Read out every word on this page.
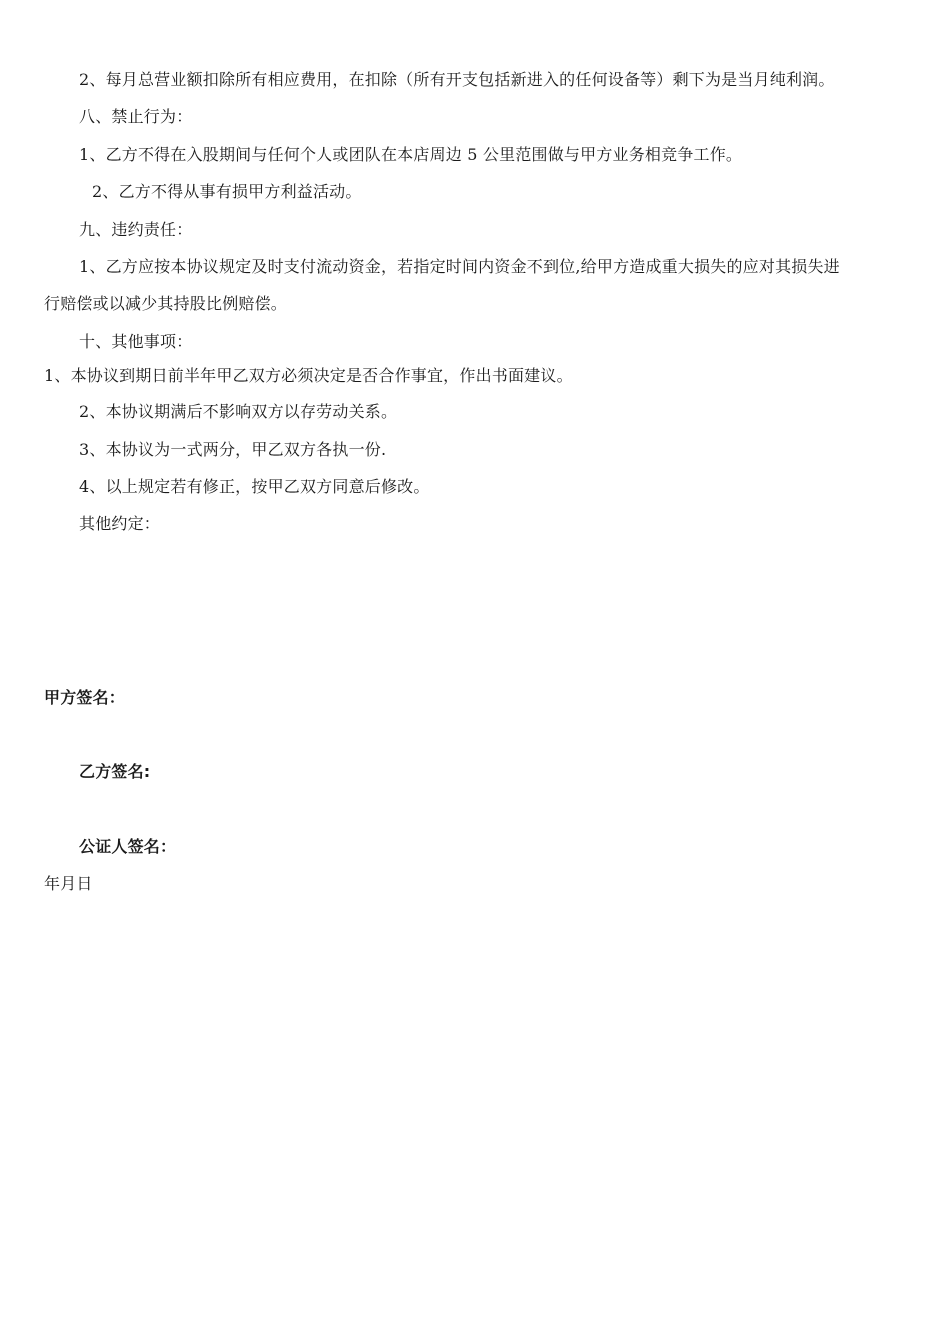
2、每月总营业额扣除所有相应费用，在扣除（所有开支包括新进入的任何设备等）剩下为是当月纯利润。
八、禁止行为：
1、乙方不得在入股期间与任何个人或团队在本店周边 5 公里范围做与甲方业务相竞争工作。
2、乙方不得从事有损甲方利益活动。
九、违约责任：
1、乙方应按本协议规定及时支付流动资金，若指定时间内资金不到位,给甲方造成重大损失的应对其损失进
行赔偿或以减少其持股比例赔偿。
十、其他事项：
1、本协议到期日前半年甲乙双方必须决定是否合作事宜，作出书面建议。
2、本协议期满后不影响双方以存劳动关系。
3、本协议为一式两分，甲乙双方各执一份.
4、以上规定若有修正，按甲乙双方同意后修改。
其他约定：
甲方签名：
乙方签名:
公证人签名：
年月日
